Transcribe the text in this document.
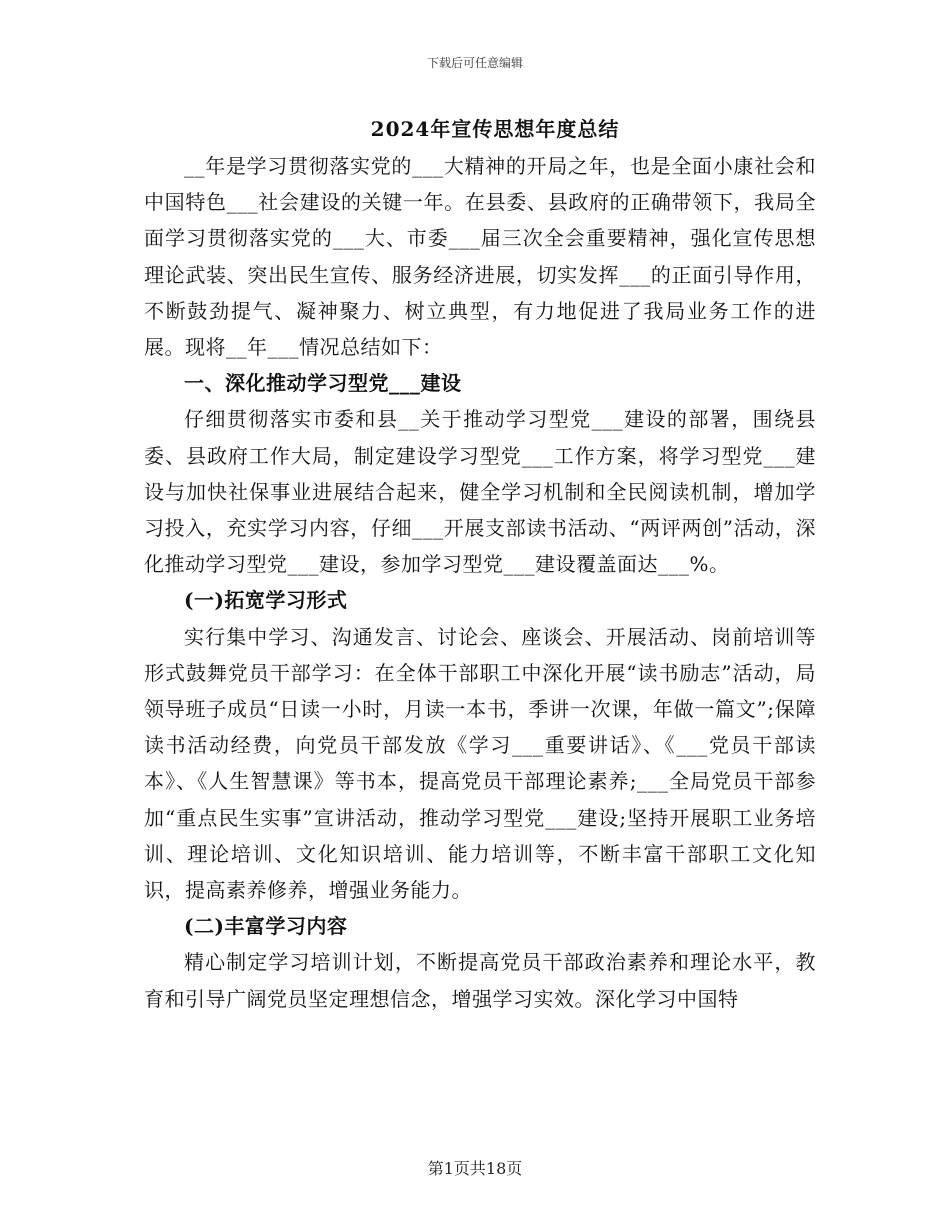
下载后可任意编辑
2024年宣传思想年度总结

__年是学习贯彻落实党的___大精神的开局之年，也是全面小康社会和中国特色___社会建设的关键一年。在县委、县政府的正确带领下，我局全面学习贯彻落实党的___大、市委___届三次全会重要精神，强化宣传思想理论武装、突出民生宣传、服务经济进展，切实发挥___的正面引导作用，不断鼓劲提气、凝神聚力、树立典型，有力地促进了我局业务工作的进展。现将__年___情况总结如下：

一、深化推动学习型党___建设

仔细贯彻落实市委和县__关于推动学习型党___建设的部署，围绕县委、县政府工作大局，制定建设学习型党___工作方案，将学习型党___建设与加快社保事业进展结合起来，健全学习机制和全民阅读机制，增加学习投入，充实学习内容，仔细___开展支部读书活动、“两评两创”活动，深化推动学习型党___建设，参加学习型党___建设覆盖面达___%。

(一)拓宽学习形式

实行集中学习、沟通发言、讨论会、座谈会、开展活动、岗前培训等形式鼓舞党员干部学习：在全体干部职工中深化开展“读书励志”活动，局领导班子成员“日读一小时，月读一本书，季讲一次课，年做一篇文”;保障读书活动经费，向党员干部发放《学习___重要讲话》、《___党员干部读本》、《人生智慧课》等书本，提高党员干部理论素养;___全局党员干部参加“重点民生实事”宣讲活动，推动学习型党___建设;坚持开展职工业务培训、理论培训、文化知识培训、能力培训等，不断丰富干部职工文化知识，提高素养修养，增强业务能力。

(二)丰富学习内容

精心制定学习培训计划，不断提高党员干部政治素养和理论水平，教育和引导广阔党员坚定理想信念，增强学习实效。深化学习中国特

第1页共18页
